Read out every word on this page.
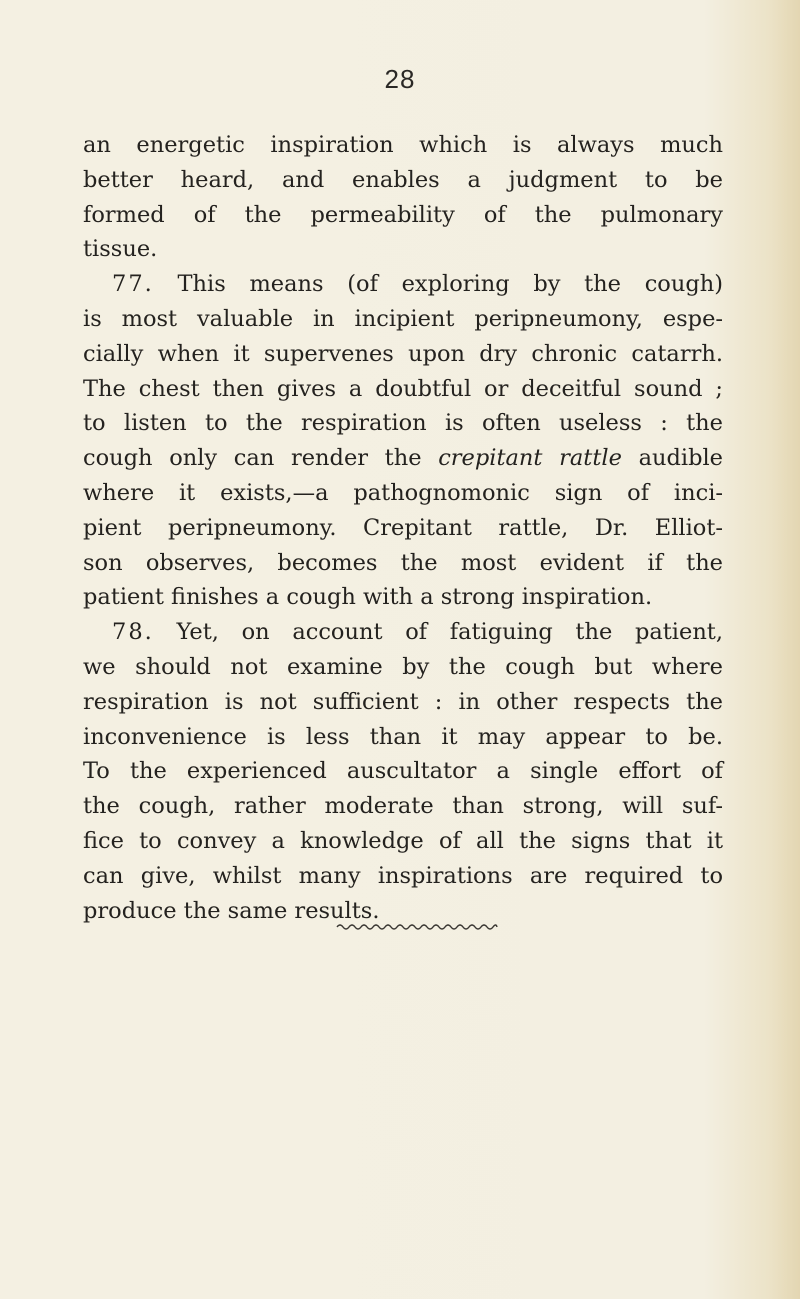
28
an energetic inspiration which is always much
better heard, and enables a judgment to be
formed of the permeability of the pulmonary
tissue.
77. This means (of exploring by the cough)
is most valuable in incipient peripneumony, espe-
cially when it supervenes upon dry chronic catarrh.
The chest then gives a doubtful or deceitful sound ;
to listen to the respiration is often useless : the
cough only can render the crepitant rattle audible
where it exists,—a pathognomonic sign of inci-
pient peripneumony. Crepitant rattle, Dr. Elliot-
son observes, becomes the most evident if the
patient finishes a cough with a strong inspiration.
78. Yet, on account of fatiguing the patient,
we should not examine by the cough but where
respiration is not sufficient : in other respects the
inconvenience is less than it may appear to be.
To the experienced auscultator a single effort of
the cough, rather moderate than strong, will suf-
fice to convey a knowledge of all the signs that it
can give, whilst many inspirations are required to
produce the same results.
